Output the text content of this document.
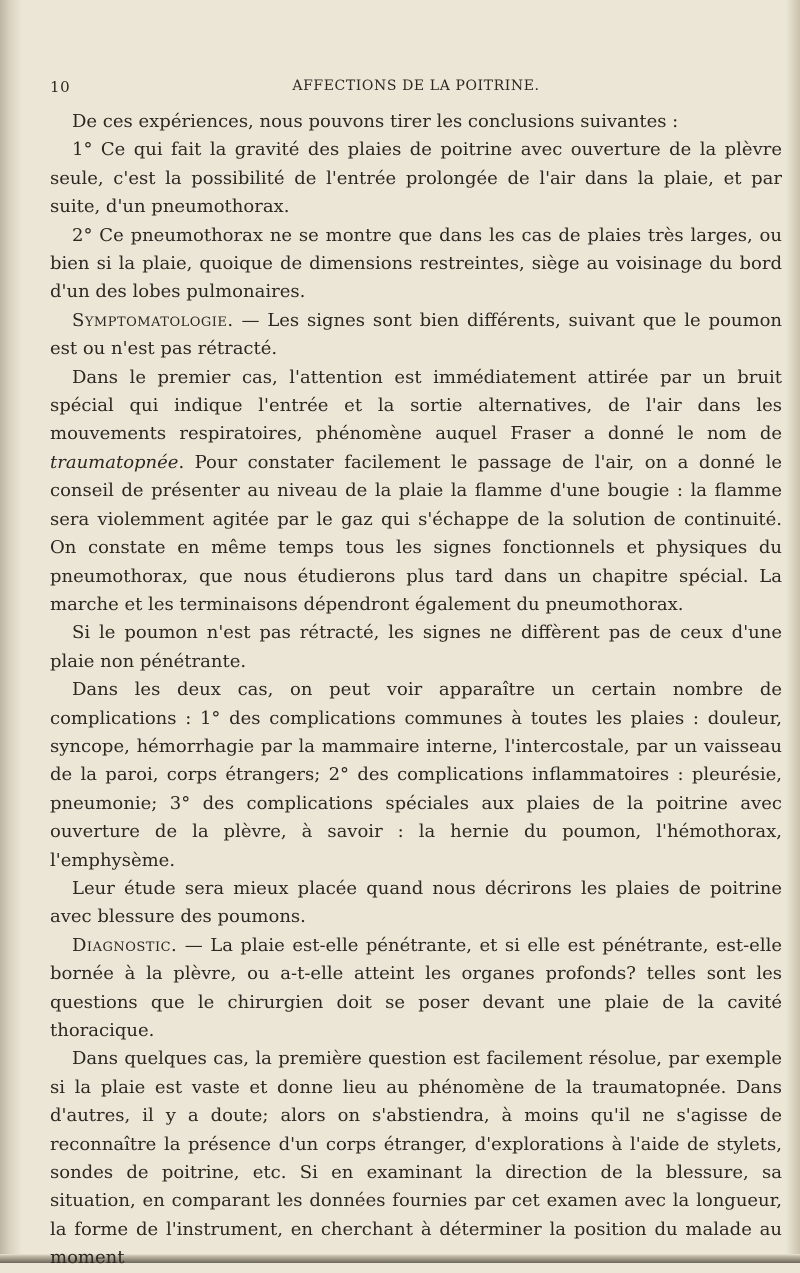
10	AFFECTIONS DE LA POITRINE.

De ces expériences, nous pouvons tirer les conclusions suivantes :

1° Ce qui fait la gravité des plaies de poitrine avec ouverture de la plèvre seule, c'est la possibilité de l'entrée prolongée de l'air dans la plaie, et par suite, d'un pneumothorax.

2° Ce pneumothorax ne se montre que dans les cas de plaies très larges, ou bien si la plaie, quoique de dimensions restreintes, siège au voisinage du bord d'un des lobes pulmonaires.

Symptomatologie. — Les signes sont bien différents, suivant que le poumon est ou n'est pas rétracté.

Dans le premier cas, l'attention est immédiatement attirée par un bruit spécial qui indique l'entrée et la sortie alternatives, de l'air dans les mouvements respiratoires, phénomène auquel Fraser a donné le nom de traumatopnée. Pour constater facilement le passage de l'air, on a donné le conseil de présenter au niveau de la plaie la flamme d'une bougie : la flamme sera violemment agitée par le gaz qui s'échappe de la solution de continuité. On constate en même temps tous les signes fonctionnels et physiques du pneumothorax, que nous étudierons plus tard dans un chapitre spécial. La marche et les terminaisons dépendront également du pneumothorax.

Si le poumon n'est pas rétracté, les signes ne diffèrent pas de ceux d'une plaie non pénétrante.

Dans les deux cas, on peut voir apparaître un certain nombre de complications : 1° des complications communes à toutes les plaies : douleur, syncope, hémorrhagie par la mammaire interne, l'intercostale, par un vaisseau de la paroi, corps étrangers; 2° des complications inflammatoires : pleurésie, pneumonie; 3° des complications spéciales aux plaies de la poitrine avec ouverture de la plèvre, à savoir : la hernie du poumon, l'hémothorax, l'emphysème.

Leur étude sera mieux placée quand nous décrirons les plaies de poitrine avec blessure des poumons.

Diagnostic. — La plaie est-elle pénétrante, et si elle est pénétrante, est-elle bornée à la plèvre, ou a-t-elle atteint les organes profonds? telles sont les questions que le chirurgien doit se poser devant une plaie de la cavité thoracique.

Dans quelques cas, la première question est facilement résolue, par exemple si la plaie est vaste et donne lieu au phénomène de la traumatopnée. Dans d'autres, il y a doute; alors on s'abstiendra, à moins qu'il ne s'agisse de reconnaître la présence d'un corps étranger, d'explorations à l'aide de stylets, sondes de poitrine, etc. Si en examinant la direction de la blessure, sa situation, en comparant les données fournies par cet examen avec la longueur, la forme de l'instrument, en cherchant à déterminer la position du malade au moment
